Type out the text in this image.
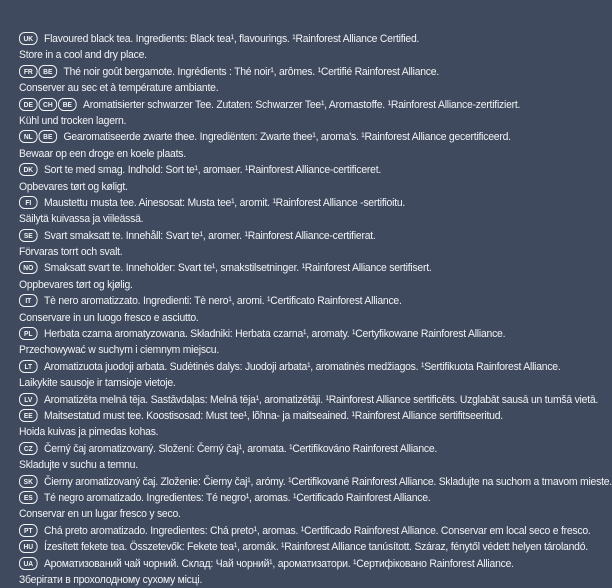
UK Flavoured black tea. Ingredients: Black tea¹, flavourings. ¹Rainforest Alliance Certified.
Store in a cool and dry place.
FR BE Thé noir goût bergamote. Ingrédients : Thé noir¹, arômes. ¹Certifié Rainforest Alliance.
Conserver au sec et à température ambiante.
DE CH BE Aromatisierter schwarzer Tee. Zutaten: Schwarzer Tee¹, Aromastoffe. ¹Rainforest Alliance-zertifiziert.
Kühl und trocken lagern.
NL BE Gearomatiseerde zwarte thee. Ingrediënten: Zwarte thee¹, aroma's. ¹Rainforest Alliance gecertificeerd.
Bewaar op een droge en koele plaats.
DK Sort te med smag. Indhold: Sort te¹, aromaer. ¹Rainforest Alliance-certificeret.
Opbevares tørt og køligt.
FI Maustettu musta tee. Ainesosat: Musta tee¹, aromit. ¹Rainforest Alliance -sertifioitu.
Säilytä kuivassa ja viileässä.
SE Svart smaksatt te. Innehåll: Svart te¹, aromer. ¹Rainforest Alliance-certifierat.
Förvaras torrt och svalt.
NO Smaksatt svart te. Inneholder: Svart te¹, smakstilsetninger. ¹Rainforest Alliance sertifisert.
Oppbevares tørt og kjølig.
IT Tè nero aromatizzato. Ingredienti: Tè nero¹, aromi. ¹Certificato Rainforest Alliance.
Conservare in un luogo fresco e asciutto.
PL Herbata czarna aromatyzowana. Składniki: Herbata czarna¹, aromaty. ¹Certyfikowane Rainforest Alliance.
Przechowywać w suchym i ciemnym miejscu.
LT Aromatizuota juodoji arbata. Sudėtinės dalys: Juodoji arbata¹, aromatinės medžiagos. ¹Sertifikuota Rainforest Alliance.
Laikykite sausoje ir tamsioje vietoje.
LV Aromatizēta melnā tēja. Sastāvdaļas: Melnā tēja¹, aromatizētāji. ¹Rainforest Alliance sertificēts. Uzglabāt sausā un tumšā vietā.
EE Maitsestatud must tee. Koostisosad: Must tee¹, lõhna- ja maitseained. ¹Rainforest Alliance sertifitseeritud.
Hoida kuivas ja pimedas kohas.
CZ Černý čaj aromatizovaný. Složení: Černý čaj¹, aromata. ¹Certifikováno Rainforest Alliance.
Skladujte v suchu a temnu.
SK Čierny aromatizovaný čaj. Zloženie: Čierny čaj¹, arómy. ¹Certifikované Rainforest Alliance. Skladujte na suchom a tmavom mieste.
ES Té negro aromatizado. Ingredientes: Té negro¹, aromas. ¹Certificado Rainforest Alliance.
Conservar en un lugar fresco y seco.
PT Chá preto aromatizado. Ingredientes: Chá preto¹, aromas. ¹Certificado Rainforest Alliance. Conservar em local seco e fresco.
HU Ízesített fekete tea. Összetevők: Fekete tea¹, aromák. ¹Rainforest Alliance tanúsított. Száraz, fénytől védett helyen tárolandó.
UA Ароматизований чай чорний. Склад: Чай чорний¹, ароматизатори. ¹Сертифіковано Rainforest Alliance.
Зберігати в прохолодному сухому місці.
